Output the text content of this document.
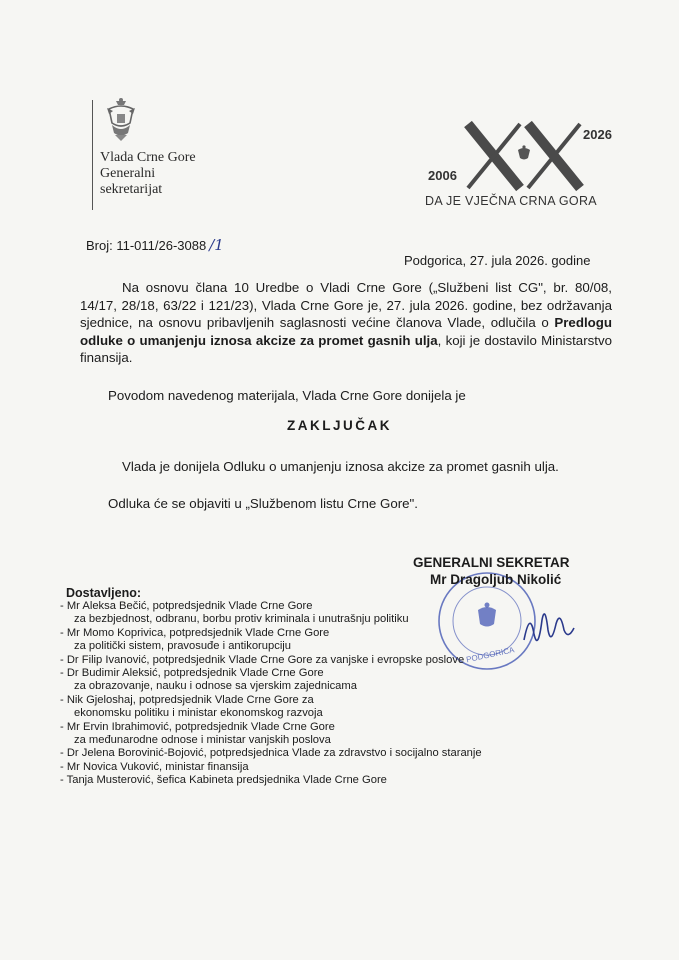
Vlada Crne Gore
Generalni
sekretarijat
2006
2026
DA JE VJEČNA CRNA GORA
Broj: 11-011/26-3088 /1
Podgorica, 27. jula 2026. godine
Na osnovu člana 10 Uredbe o Vladi Crne Gore („Službeni list CG", br. 80/08, 14/17, 28/18, 63/22 i 121/23), Vlada Crne Gore je, 27. jula 2026. godine, bez održavanja sjednice, na osnovu pribavljenih saglasnosti većine članova Vlade, odlučila o Predlogu odluke o umanjenju iznosa akcize za promet gasnih ulja, koji je dostavilo Ministarstvo finansija.
Povodom navedenog materijala, Vlada Crne Gore donijela je
ZAKLJUČAK
Vlada je donijela Odluku o umanjenju iznosa akcize za promet gasnih ulja.
Odluka će se objaviti u „Službenom listu Crne Gore".
PODGORICA
GENERALNI SEKRETAR
Mr Dragoljub Nikolić
Dostavljeno:
- Mr Aleksa Bečić, potpredsjednik Vlade Crne Gore
za bezbjednost, odbranu, borbu protiv kriminala i unutrašnju politiku
- Mr Momo Koprivica, potpredsjednik Vlade Crne Gore
za politički sistem, pravosuđe i antikorupciju
- Dr Filip Ivanović, potpredsjednik Vlade Crne Gore za vanjske i evropske poslove
- Dr Budimir Aleksić, potpredsjednik Vlade Crne Gore
za obrazovanje, nauku i odnose sa vjerskim zajednicama
- Nik Gjeloshaj, potpredsjednik Vlade Crne Gore za
ekonomsku politiku i ministar ekonomskog razvoja
- Mr Ervin Ibrahimović, potpredsjednik Vlade Crne Gore
za međunarodne odnose i ministar vanjskih poslova
- Dr Jelena Borovinić-Bojović, potpredsjednica Vlade za zdravstvo i socijalno staranje
- Mr Novica Vuković, ministar finansija
- Tanja Musterović, šefica Kabineta predsjednika Vlade Crne Gore
